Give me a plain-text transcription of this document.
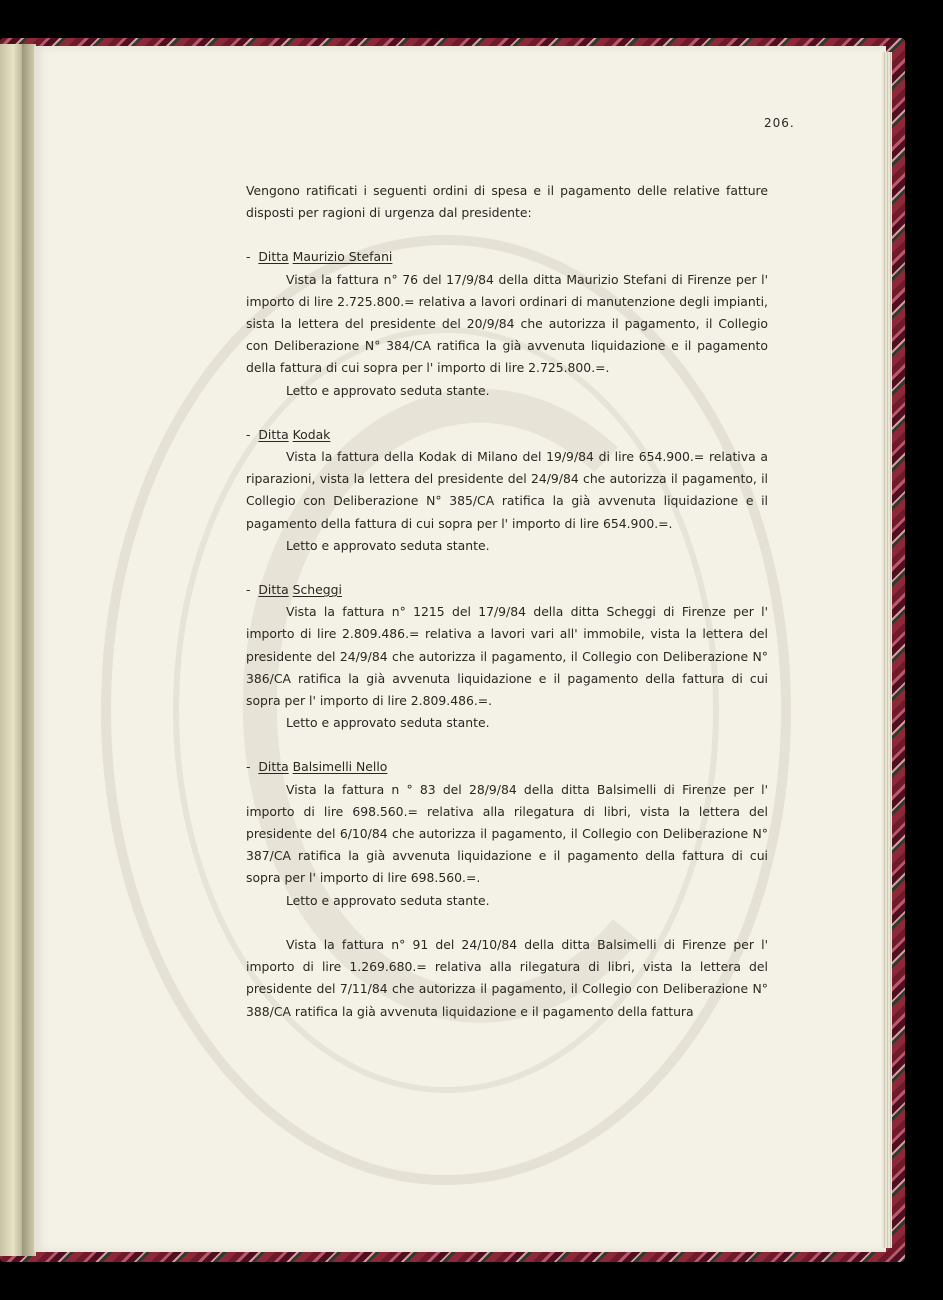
206.

Vengono ratificati i seguenti ordini di spesa e il pagamento delle relative fatture disposti per ragioni di urgenza dal presidente:

- Ditta Maurizio Stefani

Vista la fattura n° 76 del 17/9/84 della ditta Maurizio Stefani di Firenze per l' importo di lire 2.725.800.= relativa a lavori ordinari di manutenzione degli impianti, sista la lettera del presidente del 20/9/84 che autorizza il pagamento, il Collegio con Deliberazione N° 384/CA ratifica la già avvenuta liquidazione e il pagamento della fattura di cui sopra per l' importo di lire 2.725.800.=.

Letto e approvato seduta stante.

- Ditta Kodak

Vista la fattura della Kodak di Milano del 19/9/84 di lire 654.900.= relativa a riparazioni, vista la lettera del presidente del 24/9/84 che autorizza il pagamento, il Collegio con Deliberazione N° 385/CA ratifica la già avvenuta liquidazione e il pagamento della fattura di cui sopra per l' importo di lire 654.900.=.

Letto e approvato seduta stante.

- Ditta Scheggi

Vista la fattura n° 1215 del 17/9/84 della ditta Scheggi di Firenze per l' importo di lire 2.809.486.= relativa a lavori vari all' immobile, vista la lettera del presidente del 24/9/84 che autorizza il pagamento, il Collegio con Deliberazione N° 386/CA ratifica la già avvenuta liquidazione e il pagamento della fattura di cui sopra per l' importo di lire 2.809.486.=.

Letto e approvato seduta stante.

- Ditta Balsimelli Nello

Vista la fattura n ° 83 del 28/9/84 della ditta Balsimelli di Firenze per l' importo di lire 698.560.= relativa alla rilegatura di libri, vista la lettera del presidente del 6/10/84 che autorizza il pagamento, il Collegio con Deliberazione N° 387/CA ratifica la già avvenuta liquidazione e il pagamento della fattura di cui sopra per l' importo di lire 698.560.=.

Letto e approvato seduta stante.

Vista la fattura n° 91 del 24/10/84 della ditta Balsimelli di Firenze per l' importo di lire 1.269.680.= relativa alla rilegatura di libri, vista la lettera del presidente del 7/11/84 che autorizza il pagamento, il Collegio con Deliberazione N° 388/CA ratifica la già avvenuta liquidazione e il pagamento della fattura
